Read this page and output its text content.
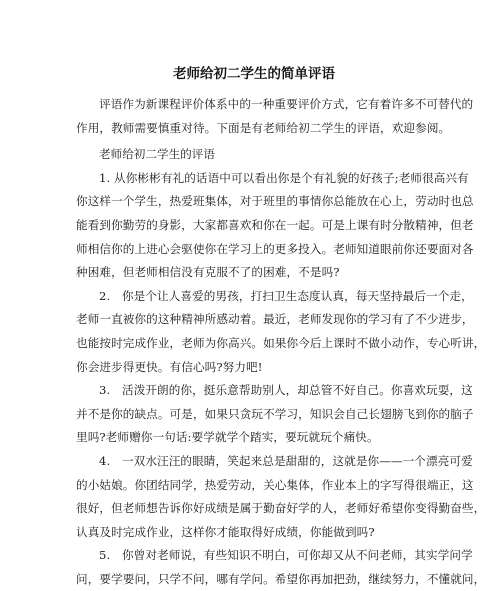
老师给初二学生的简单评语

评语作为新课程评价体系中的一种重要评价方式，它有着许多不可替代的
作用，教师需要慎重对待。下面是有老师给初二学生的评语，欢迎参阅。

老师给初二学生的评语

1. 从你彬彬有礼的话语中可以看出你是个有礼貌的好孩子;老师很高兴有
你这样一个学生，热爱班集体，对于班里的事情你总能放在心上，劳动时也总
能看到你勤劳的身影，大家都喜欢和你在一起。可是上课有时分散精神，但老
师相信你的上进心会驱使你在学习上的更多投入。老师知道眼前你还要面对各
种困难，但老师相信没有克服不了的困难，不是吗?

2.　你是个让人喜爱的男孩，打扫卫生态度认真，每天坚持最后一个走，
老师一直被你的这种精神所感动着。最近，老师发现你的学习有了不少进步，
也能按时完成作业，老师为你高兴。如果你今后上课时不做小动作，专心听讲，
你会进步得更快。有信心吗?努力吧!

3.　活泼开朗的你，挺乐意帮助别人，却总管不好自己。你喜欢玩耍，这
并不是你的缺点。可是，如果只贪玩不学习，知识会自己长翅膀飞到你的脑子
里吗?老师赠你一句话:要学就学个踏实，要玩就玩个痛快。

4.　一双水汪汪的眼睛，笑起来总是甜甜的，这就是你——一个漂亮可爱
的小姑娘。你团结同学，热爱劳动，关心集体，作业本上的字写得很端正，这
很好，但老师想告诉你好成绩是属于勤奋好学的人，老师好希望你变得勤奋些，
认真及时完成作业，这样你才能取得好成绩，你能做到吗?

5.　你曾对老师说，有些知识不明白，可你却又从不问老师，其实学问学
问，要学要问，只学不问，哪有学问。希望你再加把劲，继续努力，不懂就问，
